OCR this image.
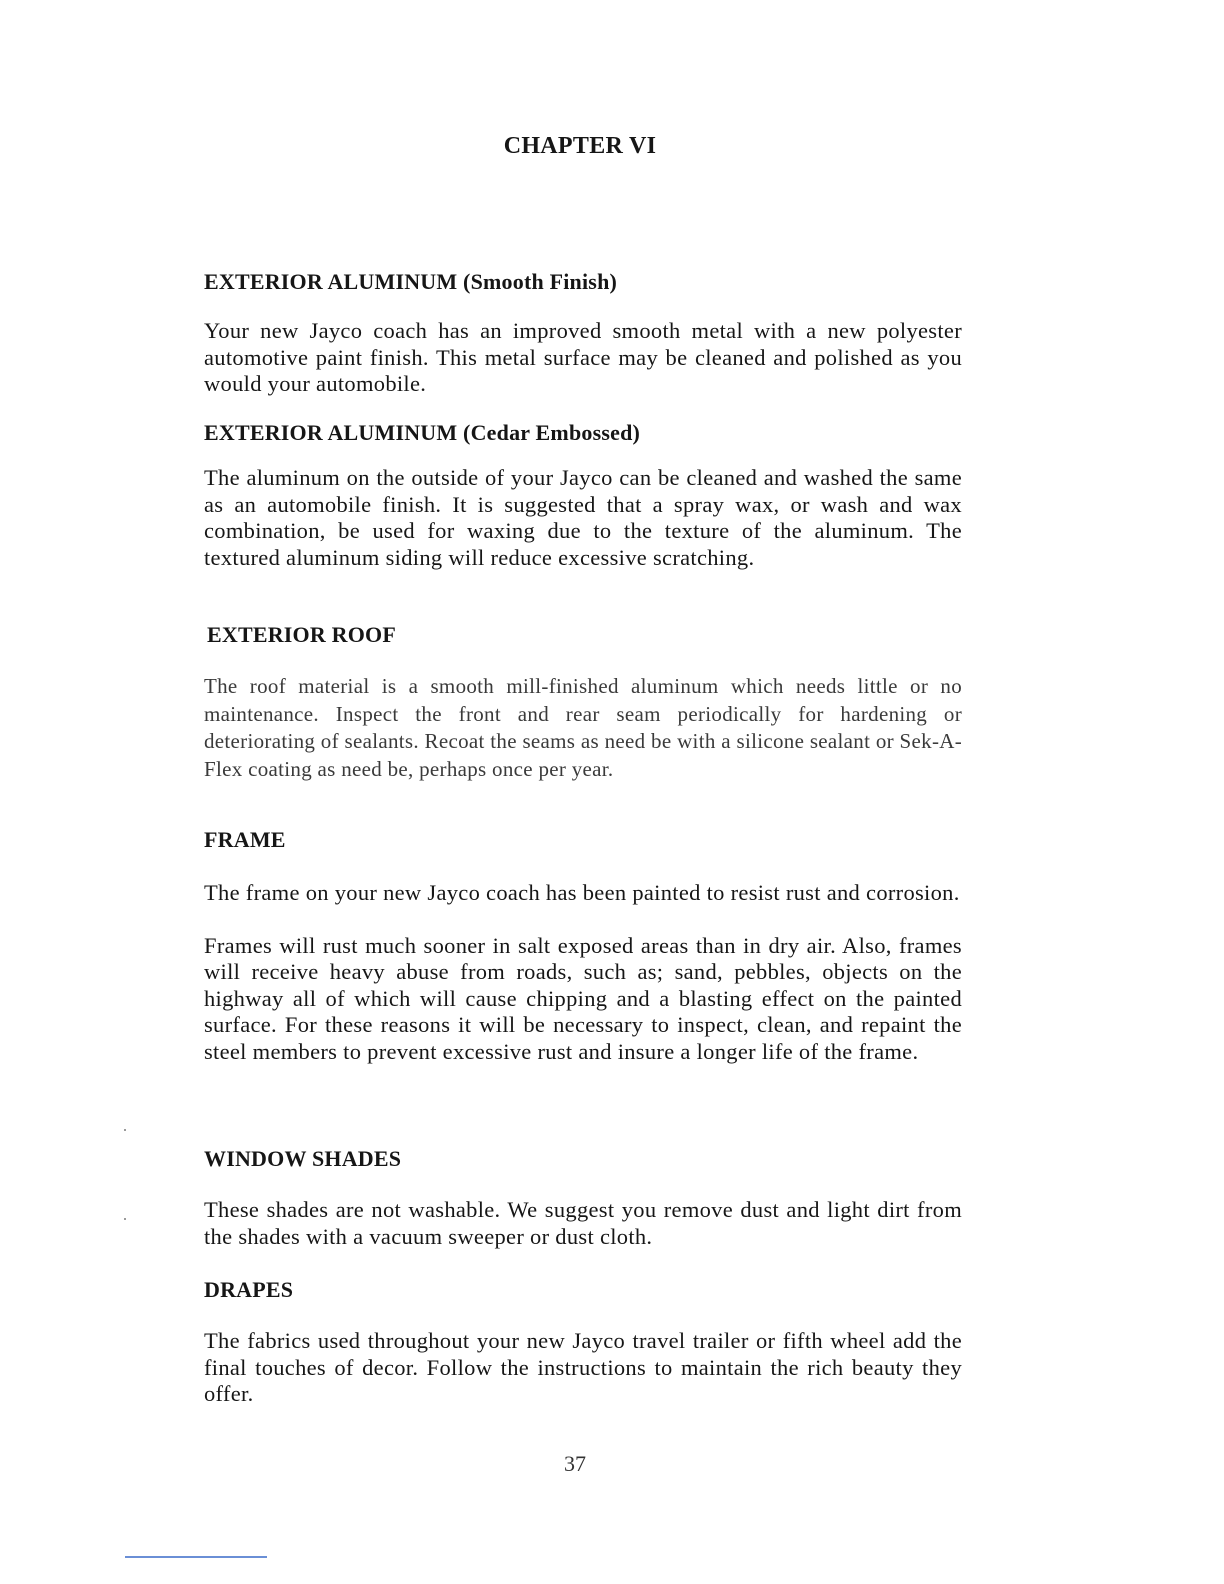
CHAPTER VI
EXTERIOR ALUMINUM (Smooth Finish)

Your new Jayco coach has an improved smooth metal with a new polyester automotive paint finish. This metal surface may be cleaned and polished as you would your automobile.

EXTERIOR ALUMINUM (Cedar Embossed)

The aluminum on the outside of your Jayco can be cleaned and washed the same as an automobile finish. It is suggested that a spray wax, or wash and wax combination, be used for waxing due to the texture of the aluminum. The textured aluminum siding will reduce excessive scratching.

EXTERIOR ROOF

The roof material is a smooth mill-finished aluminum which needs little or no maintenance. Inspect the front and rear seam periodically for hardening or deteriorating of sealants. Recoat the seams as need be with a silicone sealant or Sek-A-Flex coating as need be, perhaps once per year.

FRAME

The frame on your new Jayco coach has been painted to resist rust and corrosion.

Frames will rust much sooner in salt exposed areas than in dry air. Also, frames will receive heavy abuse from roads, such as; sand, pebbles, objects on the highway all of which will cause chipping and a blasting effect on the painted surface. For these reasons it will be necessary to inspect, clean, and repaint the steel members to prevent excessive rust and insure a longer life of the frame.

WINDOW SHADES

These shades are not washable. We suggest you remove dust and light dirt from the shades with a vacuum sweeper or dust cloth.

DRAPES

The fabrics used throughout your new Jayco travel trailer or fifth wheel add the final touches of decor. Follow the instructions to maintain the rich beauty they offer.

37
